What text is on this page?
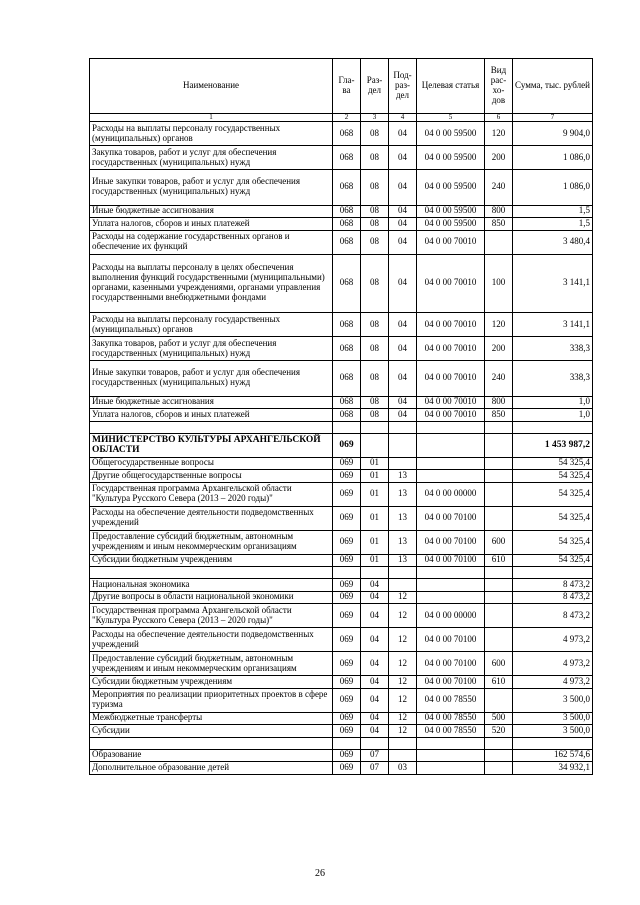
Наименование	Гла-ва	Раз-дел	Под-раз-дел	Целевая статья	Вид рас-хо-дов	Сумма, тыс. рублей
1	2	3	4	5	6	7
Расходы на выплаты персоналу государственных (муниципальных) органов	068	08	04	04 0 00 59500	120	9 904,0
Закупка товаров, работ и услуг для обеспечения государственных (муниципальных) нужд	068	08	04	04 0 00 59500	200	1 086,0
Иные закупки товаров, работ и услуг для обеспечения государственных (муниципальных) нужд	068	08	04	04 0 00 59500	240	1 086,0
Иные бюджетные ассигнования	068	08	04	04 0 00 59500	800	1,5
Уплата налогов, сборов и иных платежей	068	08	04	04 0 00 59500	850	1,5
Расходы на содержание государственных органов и обеспечение их функций	068	08	04	04 0 00 70010		3 480,4
Расходы на выплаты персоналу в целях обеспечения выполнения функций государственными (муниципальными) органами, казенными учреждениями, органами управления государственными внебюджетными фондами	068	08	04	04 0 00 70010	100	3 141,1
Расходы на выплаты персоналу государственных (муниципальных) органов	068	08	04	04 0 00 70010	120	3 141,1
Закупка товаров, работ и услуг для обеспечения государственных (муниципальных) нужд	068	08	04	04 0 00 70010	200	338,3
Иные закупки товаров, работ и услуг для обеспечения государственных (муниципальных) нужд	068	08	04	04 0 00 70010	240	338,3
Иные бюджетные ассигнования	068	08	04	04 0 00 70010	800	1,0
Уплата налогов, сборов и иных платежей	068	08	04	04 0 00 70010	850	1,0

МИНИСТЕРСТВО КУЛЬТУРЫ АРХАНГЕЛЬСКОЙ ОБЛАСТИ	069					1 453 987,2
Общегосударственные вопросы	069	01				54 325,4
Другие общегосударственные вопросы	069	01	13			54 325,4
Государственная программа Архангельской области "Культура Русского Севера (2013 – 2020 годы)"	069	01	13	04 0 00 00000		54 325,4
Расходы на обеспечение деятельности подведомственных учреждений	069	01	13	04 0 00 70100		54 325,4
Предоставление субсидий бюджетным, автономным учреждениям и иным некоммерческим организациям	069	01	13	04 0 00 70100	600	54 325,4
Субсидии бюджетным учреждениям	069	01	13	04 0 00 70100	610	54 325,4

Национальная экономика	069	04				8 473,2
Другие вопросы в области национальной экономики	069	04	12			8 473,2
Государственная программа Архангельской области "Культура Русского Севера (2013 – 2020 годы)"	069	04	12	04 0 00 00000		8 473,2
Расходы на обеспечение деятельности подведомственных учреждений	069	04	12	04 0 00 70100		4 973,2
Предоставление субсидий бюджетным, автономным учреждениям и иным некоммерческим организациям	069	04	12	04 0 00 70100	600	4 973,2
Субсидии бюджетным учреждениям	069	04	12	04 0 00 70100	610	4 973,2
Мероприятия по реализации приоритетных проектов в сфере туризма	069	04	12	04 0 00 78550		3 500,0
Межбюджетные трансферты	069	04	12	04 0 00 78550	500	3 500,0
Субсидии	069	04	12	04 0 00 78550	520	3 500,0

Образование	069	07				162 574,6
Дополнительное образование детей	069	07	03			34 932,1
26
